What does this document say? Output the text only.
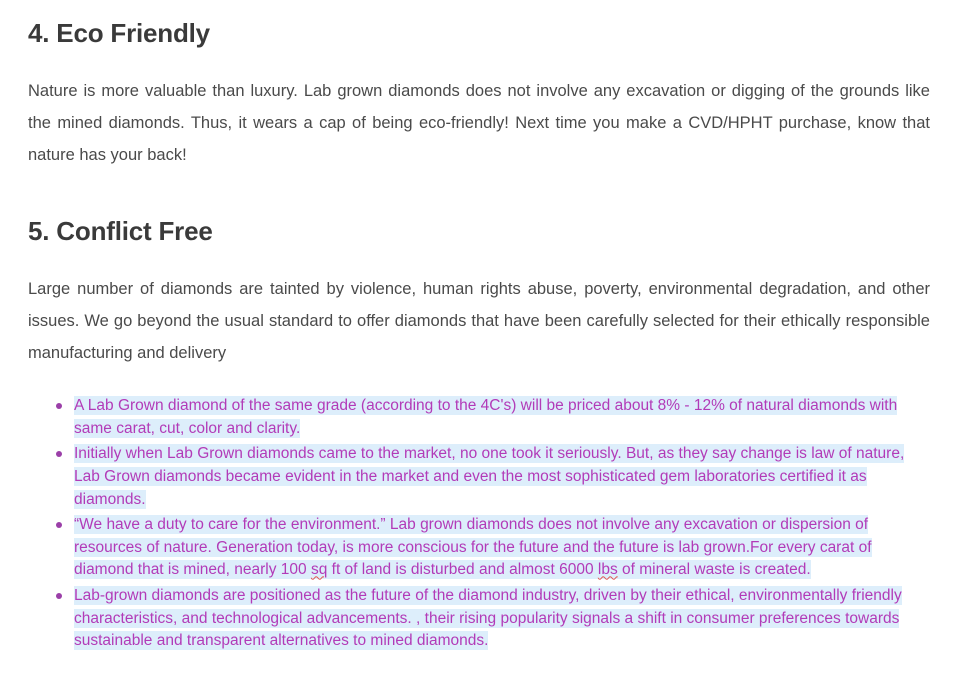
4. Eco Friendly

Nature is more valuable than luxury. Lab grown diamonds does not involve any excavation or digging of the grounds like the mined diamonds. Thus, it wears a cap of being eco-friendly! Next time you make a CVD/HPHT purchase, know that nature has your back!

5. Conflict Free

Large number of diamonds are tainted by violence, human rights abuse, poverty, environmental degradation, and other issues. We go beyond the usual standard to offer diamonds that have been carefully selected for their ethically responsible manufacturing and delivery

A Lab Grown diamond of the same grade (according to the 4C's) will be priced about 8% - 12% of natural diamonds with same carat, cut, color and clarity.
Initially when Lab Grown diamonds came to the market, no one took it seriously. But, as they say change is law of nature, Lab Grown diamonds became evident in the market and even the most sophisticated gem laboratories certified it as diamonds.
“We have a duty to care for the environment.” Lab grown diamonds does not involve any excavation or dispersion of resources of nature. Generation today, is more conscious for the future and the future is lab grown.For every carat of diamond that is mined, nearly 100 sq ft of land is disturbed and almost 6000 lbs of mineral waste is created.
Lab-grown diamonds are positioned as the future of the diamond industry, driven by their ethical, environmentally friendly characteristics, and technological advancements. , their rising popularity signals a shift in consumer preferences towards sustainable and transparent alternatives to mined diamonds.
